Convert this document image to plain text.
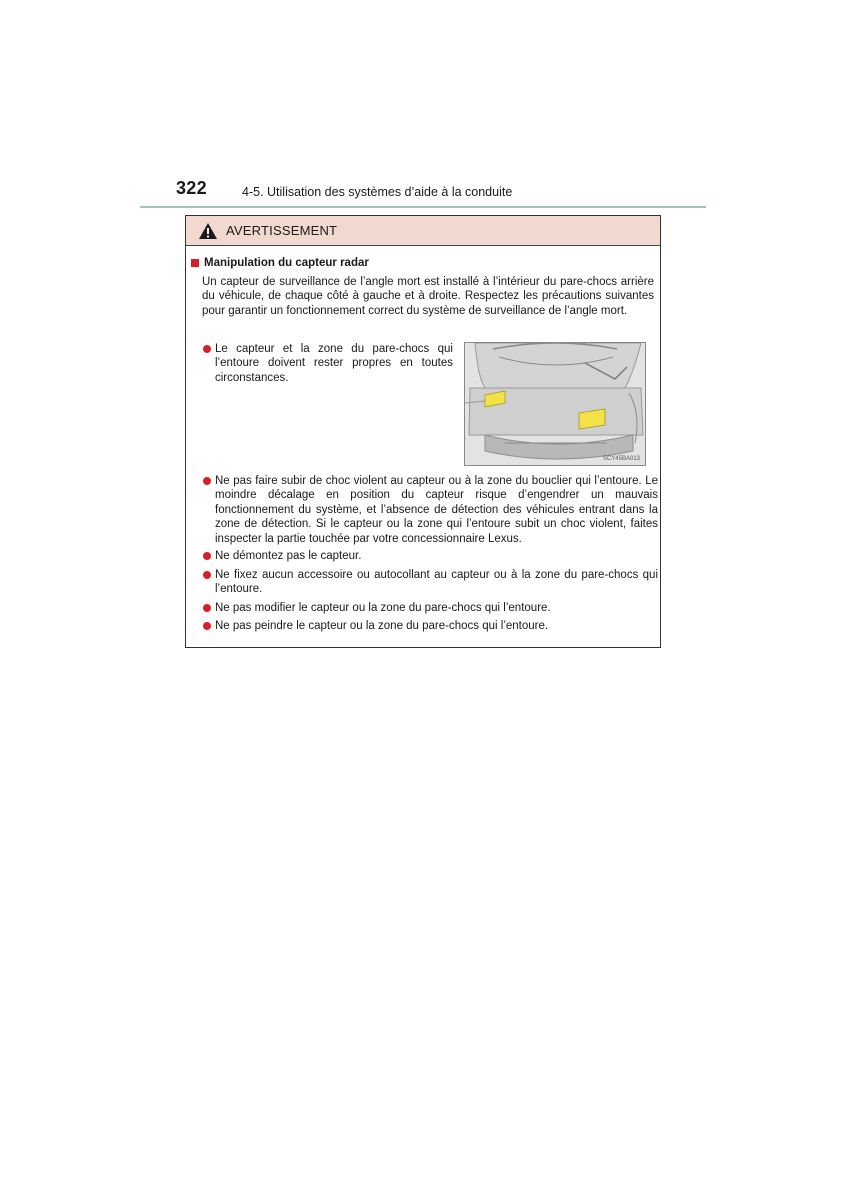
322	4-5. Utilisation des systèmes d’aide à la conduite
AVERTISSEMENT
Manipulation du capteur radar
Un capteur de surveillance de l’angle mort est installé à l’intérieur du pare-chocs arrière du véhicule, de chaque côté à gauche et à droite. Respectez les précautions suivantes pour garantir un fonctionnement correct du système de surveillance de l’angle mort.
Le capteur et la zone du pare-chocs qui l’entoure doivent rester propres en toutes circonstances.
SCY45BA013
Ne pas faire subir de choc violent au capteur ou à la zone du bouclier qui l’entoure. Le moindre décalage en position du capteur risque d’engendrer un mauvais fonctionnement du système, et l’absence de détection des véhicules entrant dans la zone de détection. Si le capteur ou la zone qui l’entoure subit un choc violent, faites inspecter la partie touchée par votre concessionnaire Lexus.
Ne démontez pas le capteur.
Ne fixez aucun accessoire ou autocollant au capteur ou à la zone du pare-chocs qui l’entoure.
Ne pas modifier le capteur ou la zone du pare-chocs qui l’entoure.
Ne pas peindre le capteur ou la zone du pare-chocs qui l’entoure.
